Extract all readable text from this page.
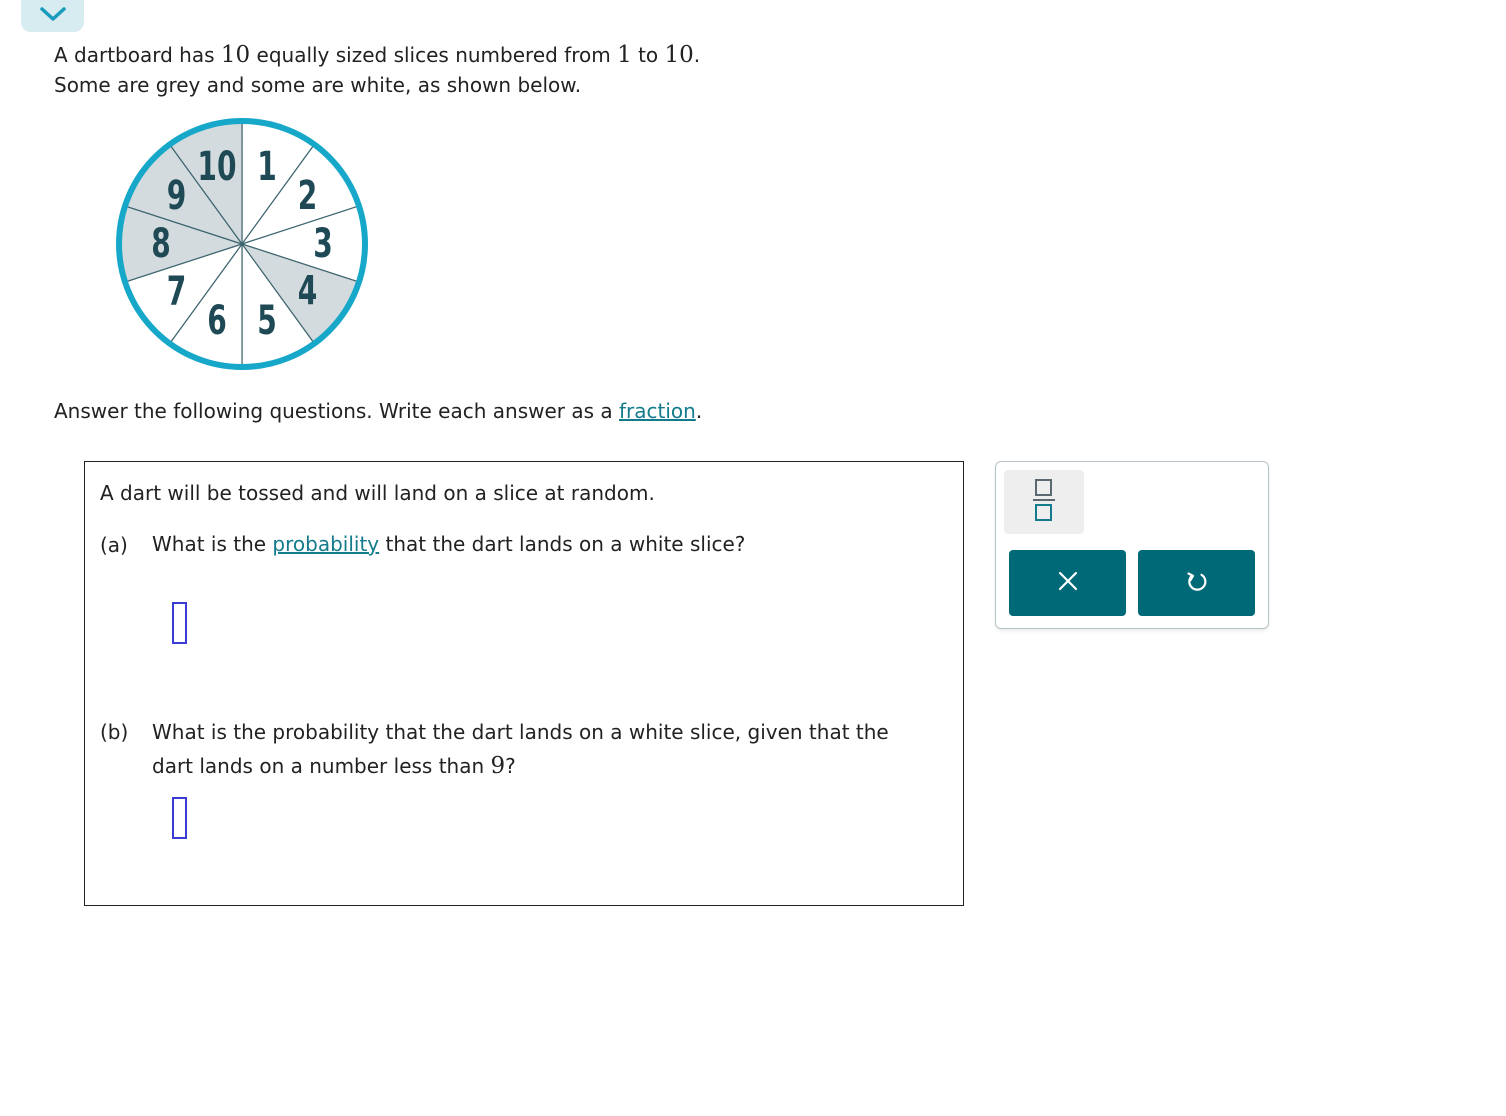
A dartboard has 10 equally sized slices numbered from 1 to 10.
Some are grey and some are white, as shown below.
1
2
3
4
5
6
7
8
9
10
Answer the following questions. Write each answer as a fraction.
A dart will be tossed and will land on a slice at random.
(a) What is the probability that the dart lands on a white slice?
(b) What is the probability that the dart lands on a white slice, given that the
dart lands on a number less than 9?
